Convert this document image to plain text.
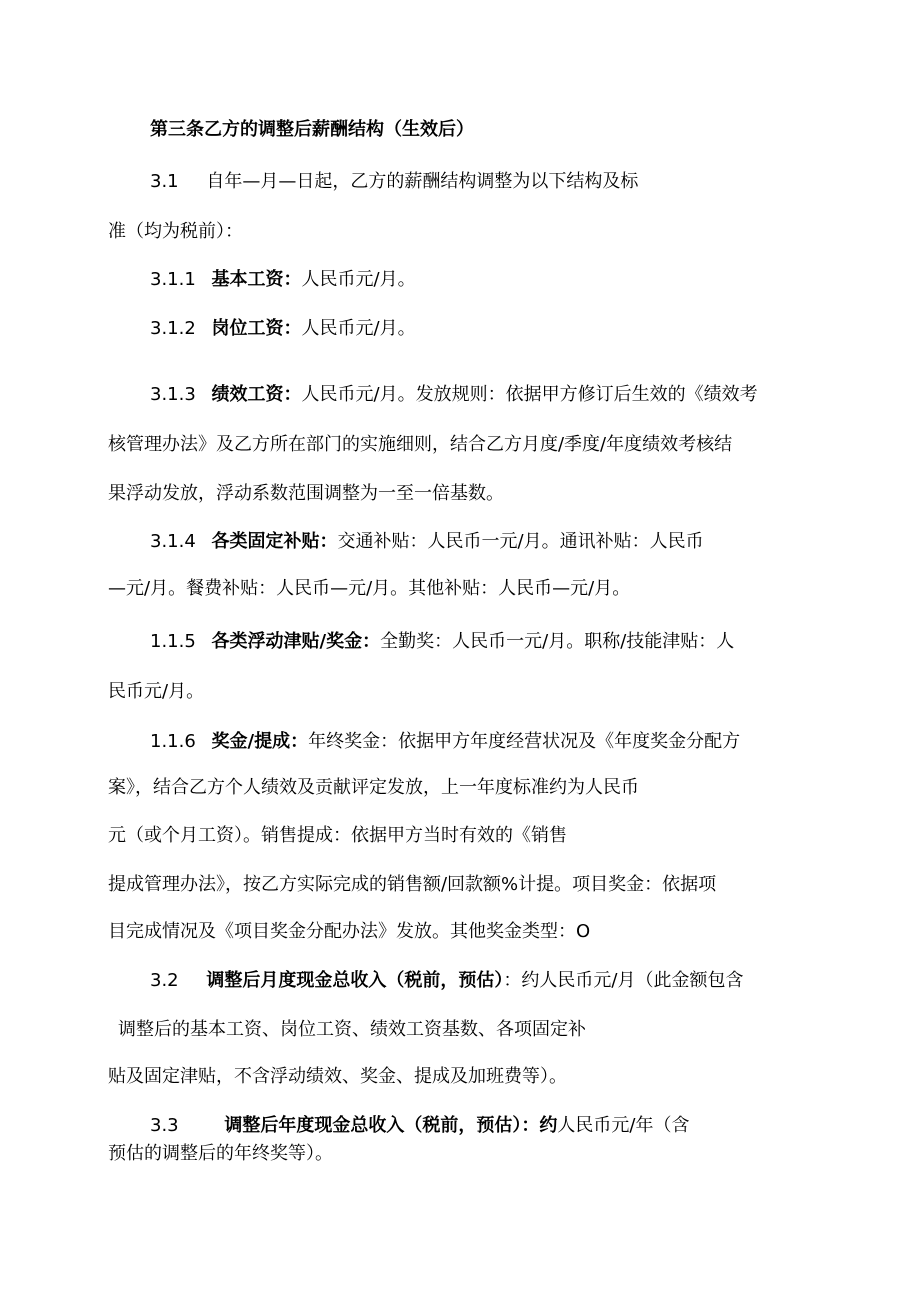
第三条乙方的调整后薪酬结构（生效后）
3.1 自年—月—日起，乙方的薪酬结构调整为以下结构及标
准（均为税前）：
3.1.1 基本工资：人民币元/月。
3.1.2 岗位工资：人民币元/月。
3.1.3 绩效工资：人民币元/月。发放规则：依据甲方修订后生效的《绩效考
核管理办法》及乙方所在部门的实施细则，结合乙方月度/季度/年度绩效考核结
果浮动发放，浮动系数范围调整为一至一倍基数。
3.1.4 各类固定补贴：交通补贴：人民币一元/月。通讯补贴：人民币
—元/月。餐费补贴：人民币—元/月。其他补贴：人民币—元/月。
1.1.5 各类浮动津贴/奖金：全勤奖：人民币一元/月。职称/技能津贴：人
民币元/月。
1.1.6 奖金/提成：年终奖金：依据甲方年度经营状况及《年度奖金分配方
案》，结合乙方个人绩效及贡献评定发放，上一年度标准约为人民币
元（或个月工资）。销售提成：依据甲方当时有效的《销售
提成管理办法》，按乙方实际完成的销售额/回款额%计提。项目奖金：依据项
目完成情况及《项目奖金分配办法》发放。其他奖金类型：O
3.2 调整后月度现金总收入（税前，预估）：约人民币元/月（此金额包含
调整后的基本工资、岗位工资、绩效工资基数、各项固定补
贴及固定津贴，不含浮动绩效、奖金、提成及加班费等）。
3.3	调整后年度现金总收入（税前，预估）：约人民币元/年（含
预估的调整后的年终奖等）。
